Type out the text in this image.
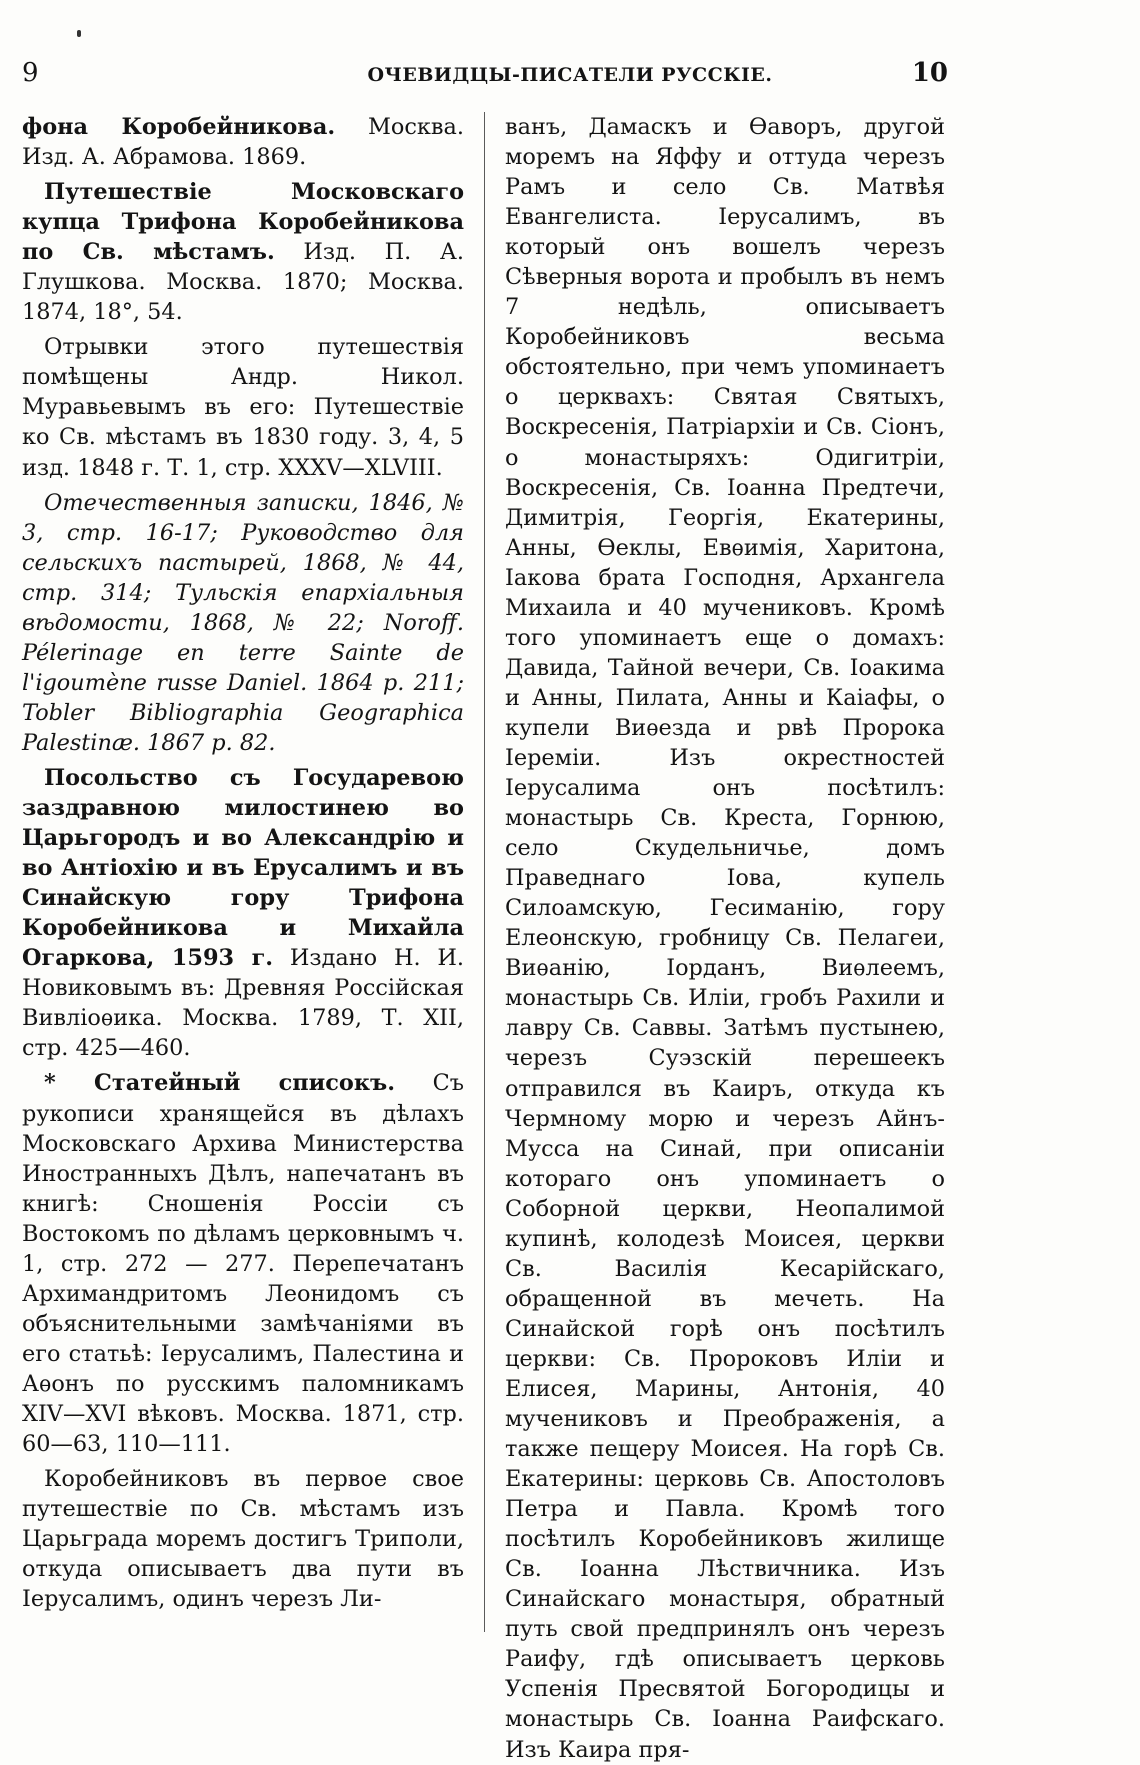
9	ОЧЕВИДЦЫ-ПИСАТЕЛИ РУССКІЕ.	10

фона Коробейникова. Москва. Изд. А. Абрамова. 1869.

Путешествіе Московскаго купца Трифона Коробейникова по Св. мѣстамъ. Изд. П. А. Глушкова. Москва. 1870; Москва. 1874, 18°, 54.

Отрывки этого путешествія помѣщены Андр. Никол. Муравьевымъ въ его: Путешествіе ко Св. мѣстамъ въ 1830 году. 3, 4, 5 изд. 1848 г. Т. 1, стр. XXXV—XLVIII.

Отечественныя записки, 1846, № 3, стр. 16-17; Руководство для сельскихъ пастырей, 1868, № 44, стр. 314; Тульскія епархіальныя вѣдомости, 1868, № 22; Noroff. Pélerinage en terre Sainte de l'igoumène russe Daniel. 1864 p. 211; Tobler Bibliographia Geographica Palestinæ. 1867 p. 82.

Посольство съ Государевою заздравною милостинею во Царьгородъ и во Александрію и во Антіохію и въ Ерусалимъ и въ Синайскую гору Трифона Коробейникова и Михайла Огаркова, 1593 г. Издано Н. И. Новиковымъ въ: Древняя Россійская Вивліоѳика. Москва. 1789, Т. XII, стр. 425—460.

* Статейный списокъ. Съ рукописи хранящейся въ дѣлахъ Московскаго Архива Министерства Иностранныхъ Дѣлъ, напечатанъ въ книгѣ: Сношенія Россіи съ Востокомъ по дѣламъ церковнымъ ч. 1, стр. 272 — 277. Перепечатанъ Архимандритомъ Леонидомъ съ объяснительными замѣчаніями въ его статьѣ: Іерусалимъ, Палестина и Аѳонъ по русскимъ паломникамъ XIV—XVI вѣковъ. Москва. 1871, стр. 60—63, 110—111.

Коробейниковъ въ первое свое путешествіе по Св. мѣстамъ изъ Царьграда моремъ достигъ Триполи, откуда описываетъ два пути въ Іерусалимъ, одинъ черезъ Ли-

ванъ, Дамаскъ и Ѳаворъ, другой моремъ на Яффу и оттуда черезъ Рамъ и село Св. Матвѣя Евангелиста. Іерусалимъ, въ который онъ вошелъ черезъ Сѣверныя ворота и пробылъ въ немъ 7 недѣль, описываетъ Коробейниковъ весьма обстоятельно, при чемъ упоминаетъ о церквахъ: Святая Святыхъ, Воскресенія, Патріархіи и Св. Сіонъ, о монастыряхъ: Одигитріи, Воскресенія, Св. Іоанна Предтечи, Димитрія, Георгія, Екатерины, Анны, Ѳеклы, Евѳимія, Харитона, Іакова брата Господня, Архангела Михаила и 40 мучениковъ. Кромѣ того упоминаетъ еще о домахъ: Давида, Тайной вечери, Св. Іоакима и Анны, Пилата, Анны и Каіафы, о купели Виѳезда и рвѣ Пророка Іереміи. Изъ окрестностей Іерусалима онъ посѣтилъ: монастырь Св. Креста, Горнюю, село Скудельничье, домъ Праведнаго Іова, купель Силоамскую, Гесиманію, гору Елеонскую, гробницу Св. Пелагеи, Виѳанію, Іорданъ, Виѳлеемъ, монастырь Св. Иліи, гробъ Рахили и лавру Св. Саввы. Затѣмъ пустынею, черезъ Суэзскій перешеекъ отправился въ Каиръ, откуда къ Чермному морю и черезъ Айнъ-Мусса на Синай, при описаніи котораго онъ упоминаетъ о Соборной церкви, Неопалимой купинѣ, колодезѣ Моисея, церкви Св. Василія Кесарійскаго, обращенной въ мечеть. На Синайской горѣ онъ посѣтилъ церкви: Св. Пророковъ Иліи и Елисея, Марины, Антонія, 40 мучениковъ и Преображенія, а также пещеру Моисея. На горѣ Св. Екатерины: церковь Св. Апостоловъ Петра и Павла. Кромѣ того посѣтилъ Коробейниковъ жилище Св. Іоанна Лѣствичника. Изъ Синайскаго монастыря, обратный путь свой предпринялъ онъ черезъ Раифу, гдѣ описываетъ церковь Успенія Пресвятой Богородицы и монастырь Св. Іоанна Раифскаго. Изъ Каира пря-
